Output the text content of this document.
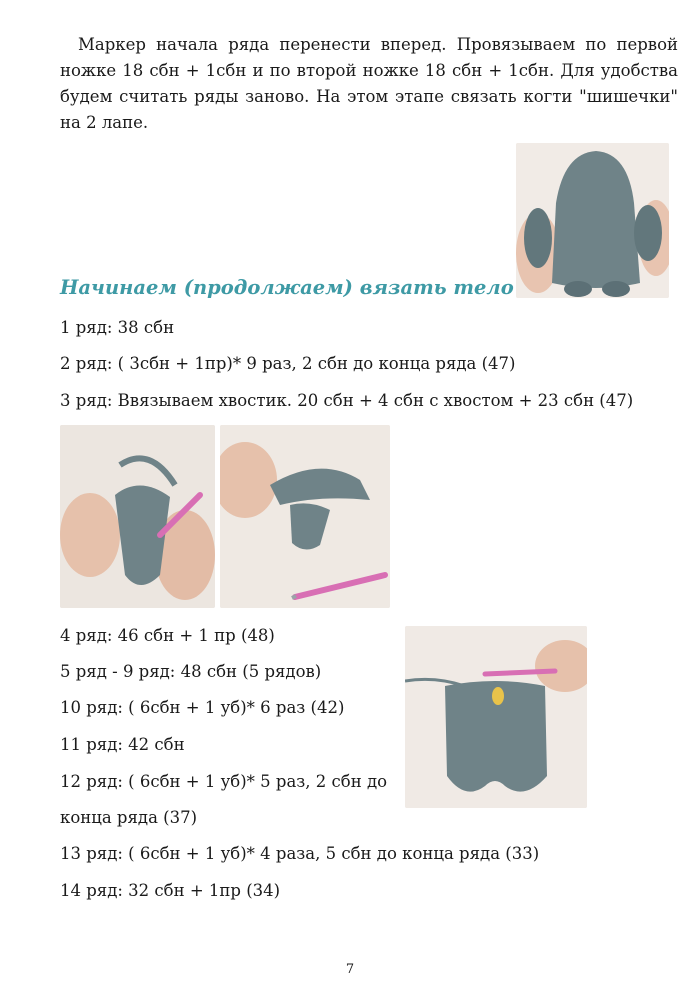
Маркер начала ряда перенести вперед. Провязываем по первой ножке 18 сбн + 1сбн и по второй ножке 18 сбн + 1сбн. Для удобства будем считать ряды заново. На этом этапе связать когти "шишечки" на 2 лапе.

Начинаем (продолжаем) вязать тело

1 ряд: 38 сбн

2 ряд: ( 3сбн + 1пр)* 9 раз, 2 сбн до конца ряда (47)

3 ряд: Ввязываем хвостик. 20 сбн + 4 сбн с хвостом + 23 сбн (47)

4 ряд: 46 сбн + 1 пр (48)

5 ряд - 9 ряд: 48 сбн (5 рядов)

10 ряд: ( 6сбн + 1 уб)* 6 раз (42)

11 ряд: 42 сбн

12 ряд: ( 6сбн + 1 уб)* 5 раз, 2 сбн до

конца ряда (37)

13 ряд: ( 6сбн + 1 уб)* 4 раза, 5 сбн до конца ряда (33)

14 ряд: 32 сбн + 1пр (34)

7
